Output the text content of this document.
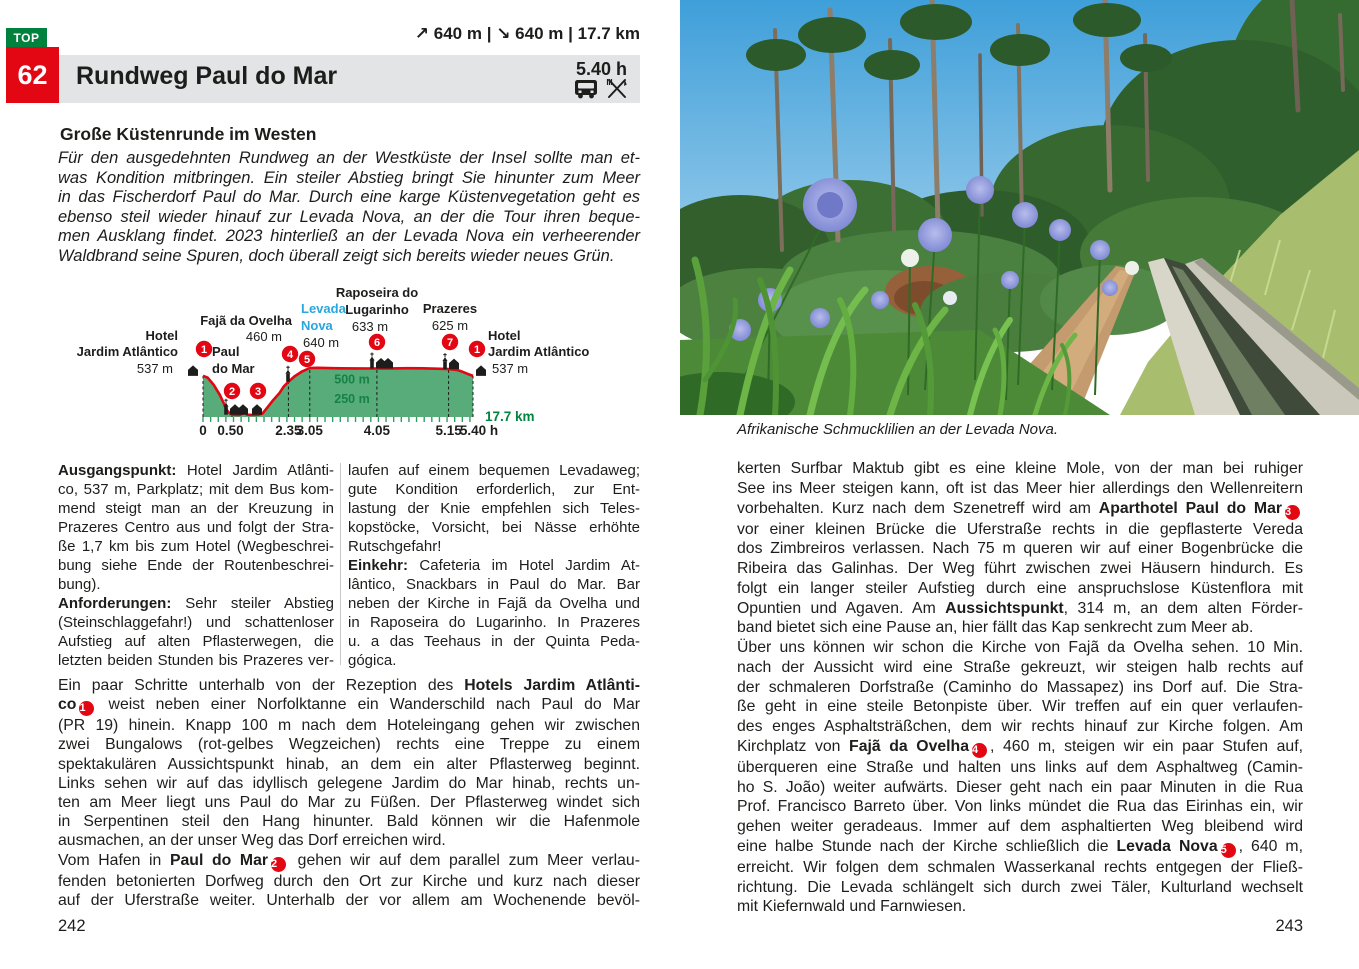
TOP
62	Rundweg Paul do Mar
↗ 640 m | ↘ 640 m | 17.7 km
5.40 h
Große Küstenrunde im Westen
Für den ausgedehnten Rundweg an der Westküste der Insel sollte man et-
was Kondition mitbringen. Ein steiler Abstieg bringt Sie hinunter zum Meer
in das Fischerdorf Paul do Mar. Durch eine karge Küstenvegetation geht es
ebenso steil wieder hinauf zur Levada Nova, an der die Tour ihren beque-
men Ausklang findet. 2023 hinterließ an der Levada Nova ein verheerender
Waldbrand seine Spuren, doch überall zeigt sich bereits wieder neues Grün.
500 m
250 m
0 0.50 2.35
3.05	4.05	5.15
5.40 h
17.7 km
1
2 3
4 5
6	7
1
Hotel
Jardim Atlântico
537 m
Paul
do Mar
Fajã da Ovelha
460 m
Levada
Nova
640 m
Raposeira do
Lugarinho
633 m
Prazeres
625 m
Hotel
Jardim Atlântico
537 m
Ausgangspunkt: Hotel Jardim Atlânti-
co, 537 m, Parkplatz; mit dem Bus kom-
mend steigt man an der Kreuzung in
Prazeres Centro aus und folgt der Stra-
ße 1,7 km bis zum Hotel (Wegbeschrei-
bung siehe Ende der Routenbeschrei-
bung).
Anforderungen: Sehr steiler Abstieg
(Steinschlaggefahr!) und schattenloser
Aufstieg auf alten Pflasterwegen, die
letzten beiden Stunden bis Prazeres ver-
laufen auf einem bequemen Levadaweg;
gute Kondition erforderlich, zur Ent-
lastung der Knie empfehlen sich Teles-
kopstöcke, Vorsicht, bei Nässe erhöhte
Rutschgefahr!
Einkehr: Cafeteria im Hotel Jardim At-
lântico, Snackbars in Paul do Mar. Bar
neben der Kirche in Fajã da Ovelha und
in Raposeira do Lugarinho. In Prazeres
u. a das Teehaus in der Quinta Peda-
gógica.
Ein paar Schritte unterhalb von der Rezeption des Hotels Jardim Atlânti-
co 1 weist neben einer Norfolktanne ein Wanderschild nach Paul do Mar
(PR 19) hinein. Knapp 100 m nach dem Hoteleingang gehen wir zwischen
zwei Bungalows (rot-gelbes Wegzeichen) rechts eine Treppe zu einem
spektakulären Aussichtspunkt hinab, an dem ein alter Pflasterweg beginnt.
Links sehen wir auf das idyllisch gelegene Jardim do Mar hinab, rechts un-
ten am Meer liegt uns Paul do Mar zu Füßen. Der Pflasterweg windet sich
in Serpentinen steil den Hang hinunter. Bald können wir die Hafenmole
ausmachen, an der unser Weg das Dorf erreichen wird.
Vom Hafen in Paul do Mar 2 gehen wir auf dem parallel zum Meer verlau-
fenden betonierten Dorfweg durch den Ort zur Kirche und kurz nach dieser
auf der Uferstraße weiter. Unterhalb der vor allem am Wochenende bevöl-
242
Afrikanische Schmucklilien an der Levada Nova.
kerten Surfbar Maktub gibt es eine kleine Mole, von der man bei ruhiger
See ins Meer steigen kann, oft ist das Meer hier allerdings den Wellenreitern
vorbehalten. Kurz nach dem Szenetreff wird am Aparthotel Paul do Mar 3
vor einer kleinen Brücke die Uferstraße rechts in die gepflasterte Vereda
dos Zimbreiros verlassen. Nach 75 m queren wir auf einer Bogenbrücke die
Ribeira das Galinhas. Der Weg führt zwischen zwei Häusern hindurch. Es
folgt ein langer steiler Aufstieg durch eine anspruchslose Küstenflora mit
Opuntien und Agaven. Am Aussichtspunkt, 314 m, an dem alten Förder-
band bietet sich eine Pause an, hier fällt das Kap senkrecht zum Meer ab.
Über uns können wir schon die Kirche von Fajã da Ovelha sehen. 10 Min.
nach der Aussicht wird eine Straße gekreuzt, wir steigen halb rechts auf
der schmaleren Dorfstraße (Caminho do Massapez) ins Dorf auf. Die Stra-
ße geht in eine steile Betonpiste über. Wir treffen auf ein quer verlaufen-
des enges Asphaltsträßchen, dem wir rechts hinauf zur Kirche folgen. Am
Kirchplatz von Fajã da Ovelha 4 , 460 m, steigen wir ein paar Stufen auf,
überqueren eine Straße und halten uns links auf dem Asphaltweg (Camin-
ho S. João) weiter aufwärts. Dieser geht nach ein paar Minuten in die Rua
Prof. Francisco Barreto über. Von links mündet die Rua das Eirinhas ein, wir
gehen weiter geradeaus. Immer auf dem asphaltierten Weg bleibend wird
eine halbe Stunde nach der Kirche schließlich die Levada Nova 5 , 640 m,
erreicht. Wir folgen dem schmalen Wasserkanal rechts entgegen der Fließ-
richtung. Die Levada schlängelt sich durch zwei Täler, Kulturland wechselt
mit Kiefernwald und Farnwiesen.
243
